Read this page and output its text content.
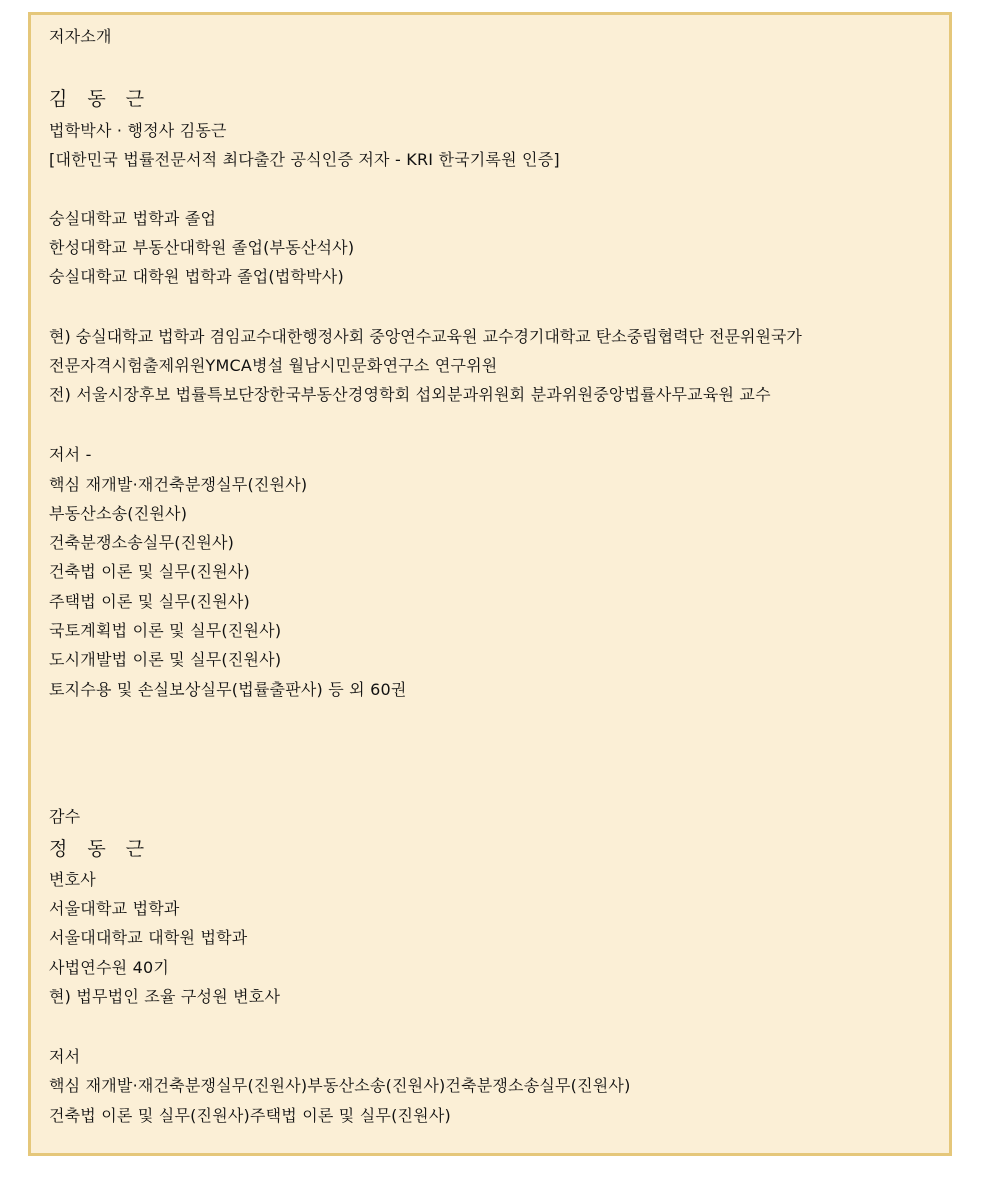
저자소개
김 동 근
법학박사 · 행정사 김동근
[대한민국 법률전문서적 최다출간 공식인증 저자 - KRI 한국기록원 인증]
숭실대학교 법학과 졸업
한성대학교 부동산대학원 졸업(부동산석사)
숭실대학교 대학원 법학과 졸업(법학박사)
현) 숭실대학교 법학과 겸임교수대한행정사회 중앙연수교육원 교수경기대학교 탄소중립협력단 전문위원국가
전문자격시험출제위원YMCA병설 월남시민문화연구소 연구위원
전) 서울시장후보 법률특보단장한국부동산경영학회 섭외분과위원회 분과위원중앙법률사무교육원 교수
저서 -
핵심 재개발·재건축분쟁실무(진원사)
부동산소송(진원사)
건축분쟁소송실무(진원사)
건축법 이론 및 실무(진원사)
주택법 이론 및 실무(진원사)
국토계획법 이론 및 실무(진원사)
도시개발법 이론 및 실무(진원사)
토지수용 및 손실보상실무(법률출판사) 등 외 60권
감수
정 동 근
변호사
서울대학교 법학과
서울대대학교 대학원 법학과
사법연수원 40기
현) 법무법인 조율 구성원 변호사
저서
핵심 재개발·재건축분쟁실무(진원사)부동산소송(진원사)건축분쟁소송실무(진원사)
건축법 이론 및 실무(진원사)주택법 이론 및 실무(진원사)
